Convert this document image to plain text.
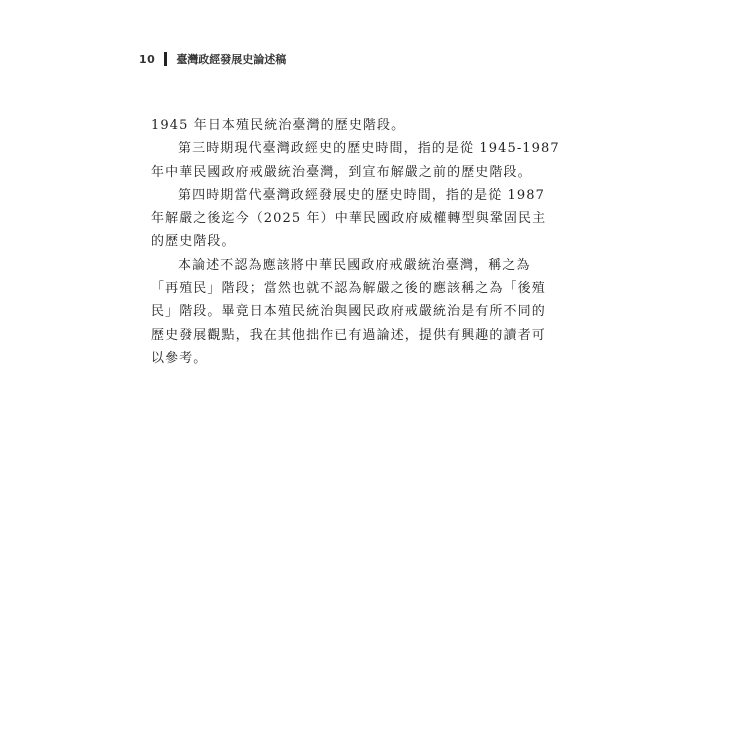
10 臺灣政經發展史論述稿
1945 年日本殖民統治臺灣的歷史階段。
第三時期現代臺灣政經史的歷史時間，指的是從 1945-1987
年中華民國政府戒嚴統治臺灣，到宣布解嚴之前的歷史階段。
第四時期當代臺灣政經發展史的歷史時間，指的是從 1987
年解嚴之後迄今（2025 年）中華民國政府威權轉型與鞏固民主
的歷史階段。
本論述不認為應該將中華民國政府戒嚴統治臺灣，稱之為
「再殖民」階段；當然也就不認為解嚴之後的應該稱之為「後殖
民」階段。畢竟日本殖民統治與國民政府戒嚴統治是有所不同的
歷史發展觀點，我在其他拙作已有過論述，提供有興趣的讀者可
以參考。
